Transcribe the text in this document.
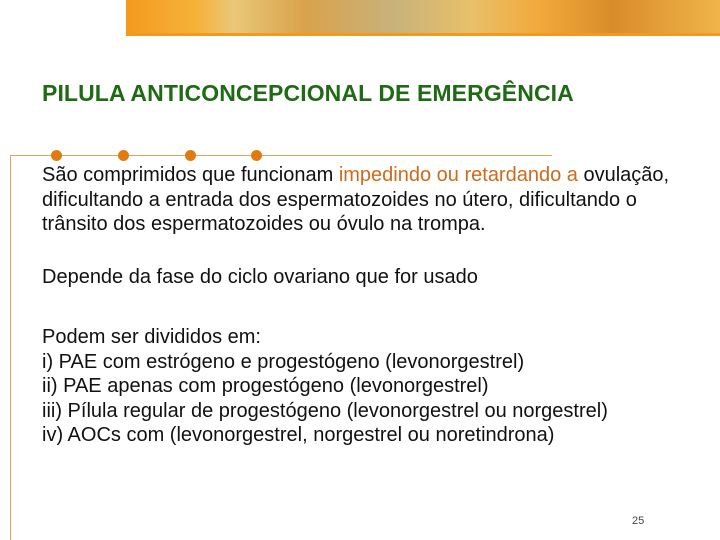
PILULA ANTICONCEPCIONAL DE EMERGÊNCIA

São comprimidos que funcionam impedindo ou retardando a ovulação, dificultando a entrada dos espermatozoides no útero, dificultando o trânsito dos espermatozoides ou óvulo na trompa.

Depende da fase do ciclo ovariano que for usado

Podem ser divididos em:

i) PAE com estrógeno e progestógeno (levonorgestrel)

ii) PAE apenas com progestógeno (levonorgestrel)

iii) Pílula regular de progestógeno (levonorgestrel ou norgestrel)

iv) AOCs com (levonorgestrel, norgestrel ou noretindrona)

25
